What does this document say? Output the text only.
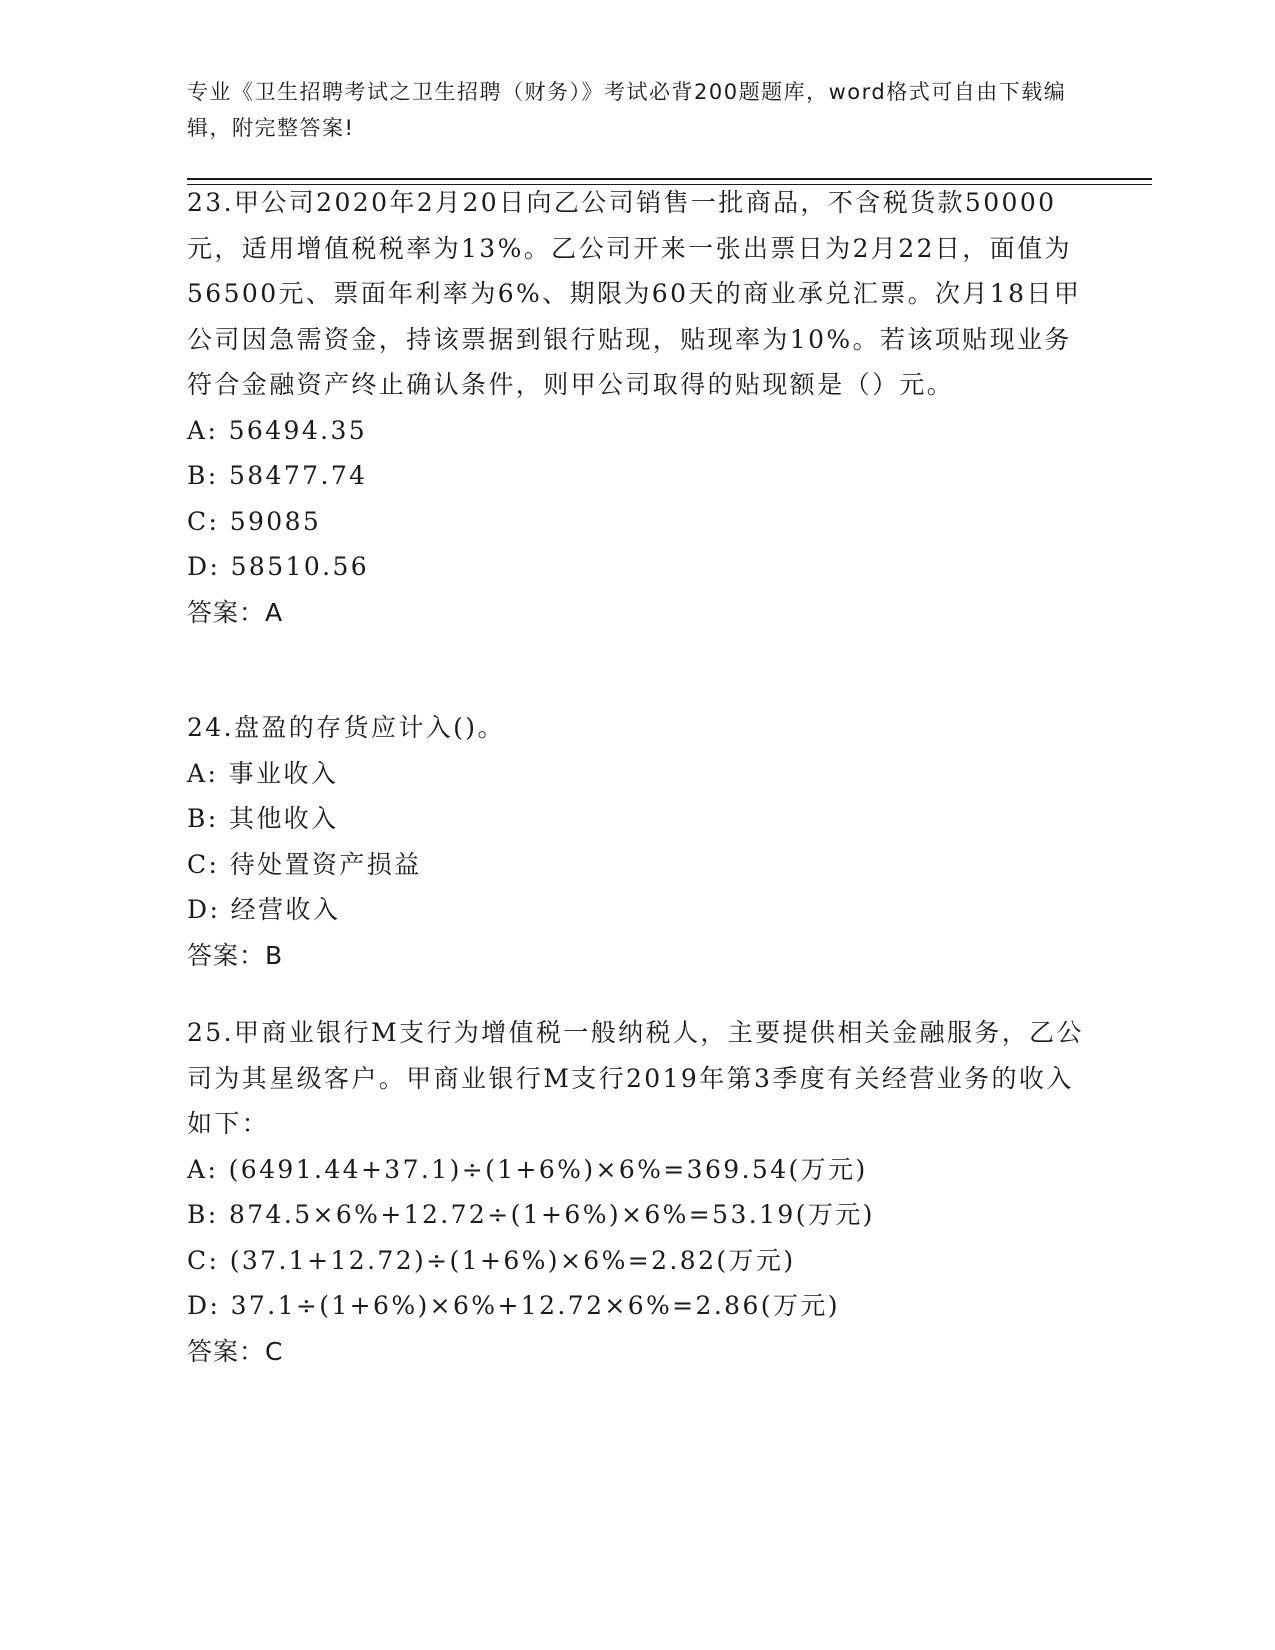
专业《卫生招聘考试之卫生招聘（财务）》考试必背200题题库，word格式可自由下载编辑，附完整答案!
23.甲公司2020年2月20日向乙公司销售一批商品，不含税货款50000元，适用增值税税率为13%。乙公司开来一张出票日为2月22日，面值为56500元、票面年利率为6%、期限为60天的商业承兑汇票。次月18日甲公司因急需资金，持该票据到银行贴现，贴现率为10%。若该项贴现业务符合金融资产终止确认条件，则甲公司取得的贴现额是（）元。
A: 56494.35
B: 58477.74
C: 59085
D: 58510.56
答案：A
24.盘盈的存货应计入()。
A: 事业收入
B: 其他收入
C: 待处置资产损益
D: 经营收入
答案：B
25.甲商业银行M支行为增值税一般纳税人，主要提供相关金融服务，乙公司为其星级客户。甲商业银行M支行2019年第3季度有关经营业务的收入如下：
A: (6491.44+37.1)÷(1+6%)×6%=369.54(万元)
B: 874.5×6%+12.72÷(1+6%)×6%=53.19(万元)
C: (37.1+12.72)÷(1+6%)×6%=2.82(万元)
D: 37.1÷(1+6%)×6%+12.72×6%=2.86(万元)
答案：C
